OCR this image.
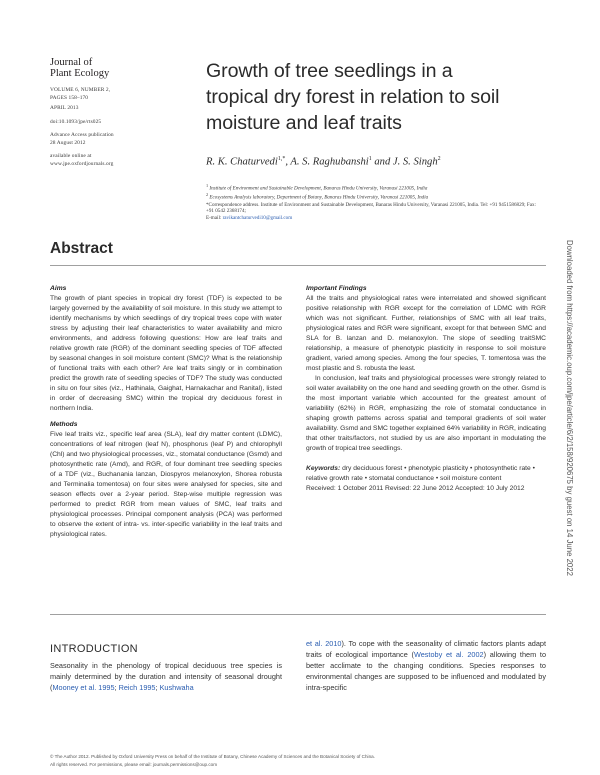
Journal of
Plant Ecology
VOLUME 6, NUMBER 2,
PAGES 158–170
APRIL 2013
doi:10.1093/jpe/rts025
Advance Access publication
28 August 2012
available online at
www.jpe.oxfordjournals.org
Growth of tree seedlings in a tropical dry forest in relation to soil moisture and leaf traits
R. K. Chaturvedi$^{1,*}$, A. S. Raghubanshi$^1$ and J. S. Singh$^2$
$^1$ Institute of Environment and Sustainable Development, Banaras Hindu University, Varanasi 221005, India
$^2$ Ecosystems Analysis laboratory, Department of Botany, Banaras Hindu University, Varanasi 221005, India
*Correspondence address. Institute of Environment and Sustainable Development, Banaras Hindu University, Varanasi 221005, India. Tel: +91 9451586829; Fax: +91 0542 2368174;
E-mail: ravikantchaturvedi10@gmail.com
Abstract
Aims

The growth of plant species in tropical dry forest (TDF) is expected to be largely governed by the availability of soil moisture. In this study we attempt to identify mechanisms by which seedlings of dry tropical trees cope with water stress by adjusting their leaf characteristics to water availability and micro environments, and address following questions: How are leaf traits and relative growth rate (RGR) of the dominant seedling species of TDF affected by seasonal changes in soil moisture content (SMC)? What is the relationship of functional traits with each other? Are leaf traits singly or in combination predict the growth rate of seedling species of TDF? The study was conducted in situ on four sites (viz., Hathinala, Gaighat, Harnakachar and Ranital), listed in order of decreasing SMC) within the tropical dry deciduous forest in northern India.

Methods

Five leaf traits viz., specific leaf area (SLA), leaf dry matter content (LDMC), concentrations of leaf nitrogen (leaf N), phosphorus (leaf P) and chlorophyll (Chl) and two physiological processes, viz., stomatal conductance (Gsmd) and photosynthetic rate (Amd), and RGR, of four dominant tree seedling species of a TDF (viz., Buchanania lanzan, Diospyros melanoxylon, Shorea robusta and Terminalia tomentosa) on four sites were analysed for species, site and season effects over a 2-year period. Step-wise multiple regression was performed to predict RGR from mean values of SMC, leaf traits and physiological processes. Principal component analysis (PCA) was performed to observe the extent of intra- vs. inter-specific variability in the leaf traits and physiological rates.

Important Findings

All the traits and physiological rates were interrelated and showed significant positive relationship with RGR except for the correlation of LDMC with RGR which was not significant. Further, relationships of SMC with all leaf traits, physiological rates and RGR were significant, except for that between SMC and SLA for B. lanzan and D. melanoxylon. The slope of seedling traitSMC relationship, a measure of phenotypic plasticity in response to soil moisture gradient, varied among species. Among the four species, T. tomentosa was the most plastic and S. robusta the least.

In conclusion, leaf traits and physiological processes were strongly related to soil water availability on the one hand and seedling growth on the other. Gsmd is the most important variable which accounted for the greatest amount of variability (62%) in RGR, emphasizing the role of stomatal conductance in shaping growth patterns across spatial and temporal gradients of soil water availability. Gsmd and SMC together explained 64% variability in RGR, indicating that other traits/factors, not studied by us are also important in modulating the growth of tropical tree seedlings.

Keywords: dry deciduous forest • phenotypic plasticity • photosynthetic rate • relative growth rate • stomatal conductance • soil moisture content

Received: 1 October 2011 Revised: 22 June 2012 Accepted: 10 July 2012

INTRODUCTION
Seasonality in the phenology of tropical deciduous tree species is mainly determined by the duration and intensity of seasonal drought (Mooney et al. 1995; Reich 1995; Kushwaha
et al. 2010). To cope with the seasonality of climatic factors plants adapt traits of ecological importance (Westoby et al. 2002) allowing them to better acclimate to the changing conditions. Species responses to environmental changes are supposed to be influenced and modulated by intra-specific
© The Author 2012. Published by Oxford University Press on behalf of the Institute of Botany, Chinese Academy of Sciences and the Botanical Society of China.
All rights reserved. For permissions, please email: journals.permissions@oup.com
Downloaded from https://academic.oup.com/jpe/article/6/2/158/920675 by guest on 14 June 2022
